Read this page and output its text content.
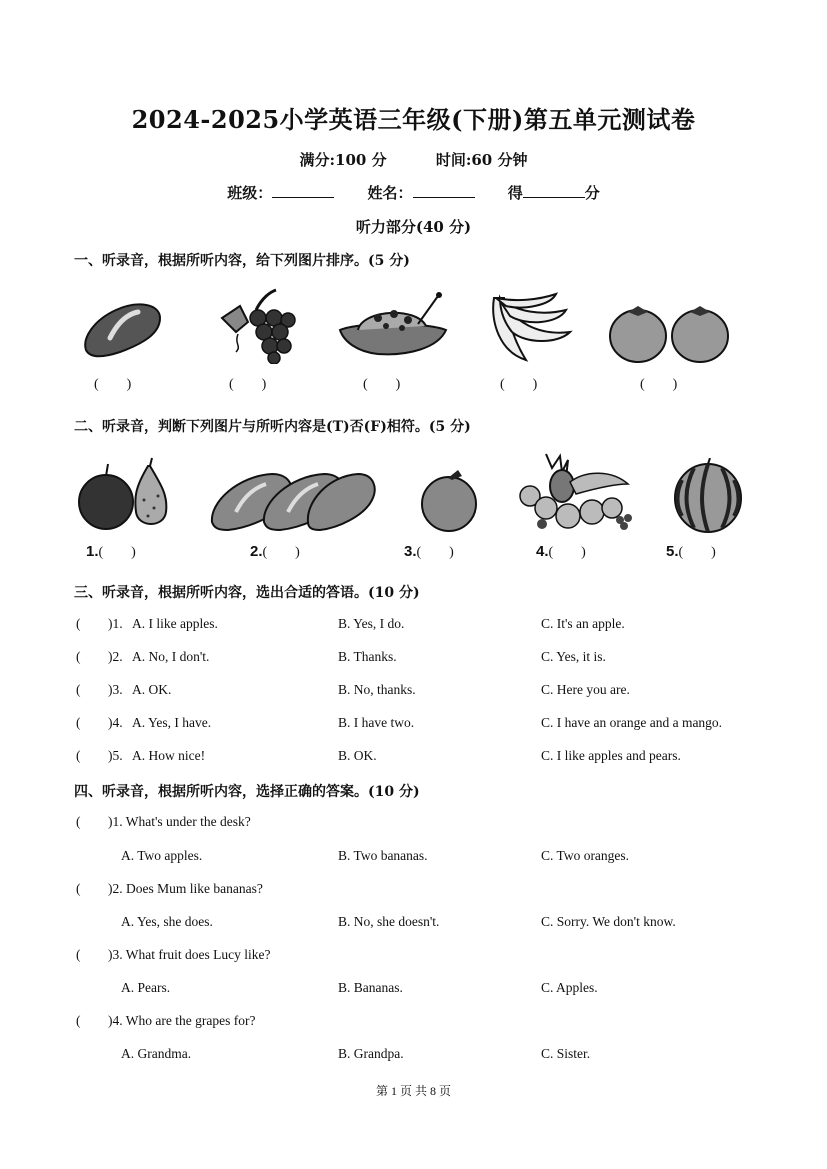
2024-2025小学英语三年级(下册)第五单元测试卷
满分:100 分	时间:60 分钟
班级：	姓名：	得	分
听力部分(40 分)
一、听录音，根据所听内容，给下列图片排序。(5 分)
(　　)	(　　)	(　　)	(　　)	(　　)
二、听录音，判断下列图片与所听内容是(T)否(F)相符。(5 分)
1.(　　)	2.(　　)	3.(　　)	4.(　　)	5.(　　)
三、听录音，根据所听内容，选出合适的答语。(10 分)
( )1. A. I like apples.	B. Yes, I do.	C. It's an apple.
( )2. A. No, I don't.	B. Thanks.	C. Yes, it is.
( )3. A. OK.	B. No, thanks.	C. Here you are.
( )4. A. Yes, I have.	B. I have two.	C. I have an orange and a mango.
( )5. A. How nice!	B. OK.	C. I like apples and pears.
四、听录音，根据所听内容，选择正确的答案。(10 分)
( )1. What's under the desk?
A. Two apples.	B. Two bananas.	C. Two oranges.
( )2. Does Mum like bananas?
A. Yes, she does.	B. No, she doesn't.	C. Sorry. We don't know.
( )3. What fruit does Lucy like?
A. Pears.	B. Bananas.	C. Apples.
( )4. Who are the grapes for?
A. Grandma.	B. Grandpa.	C. Sister.
第 1 页 共 8 页
